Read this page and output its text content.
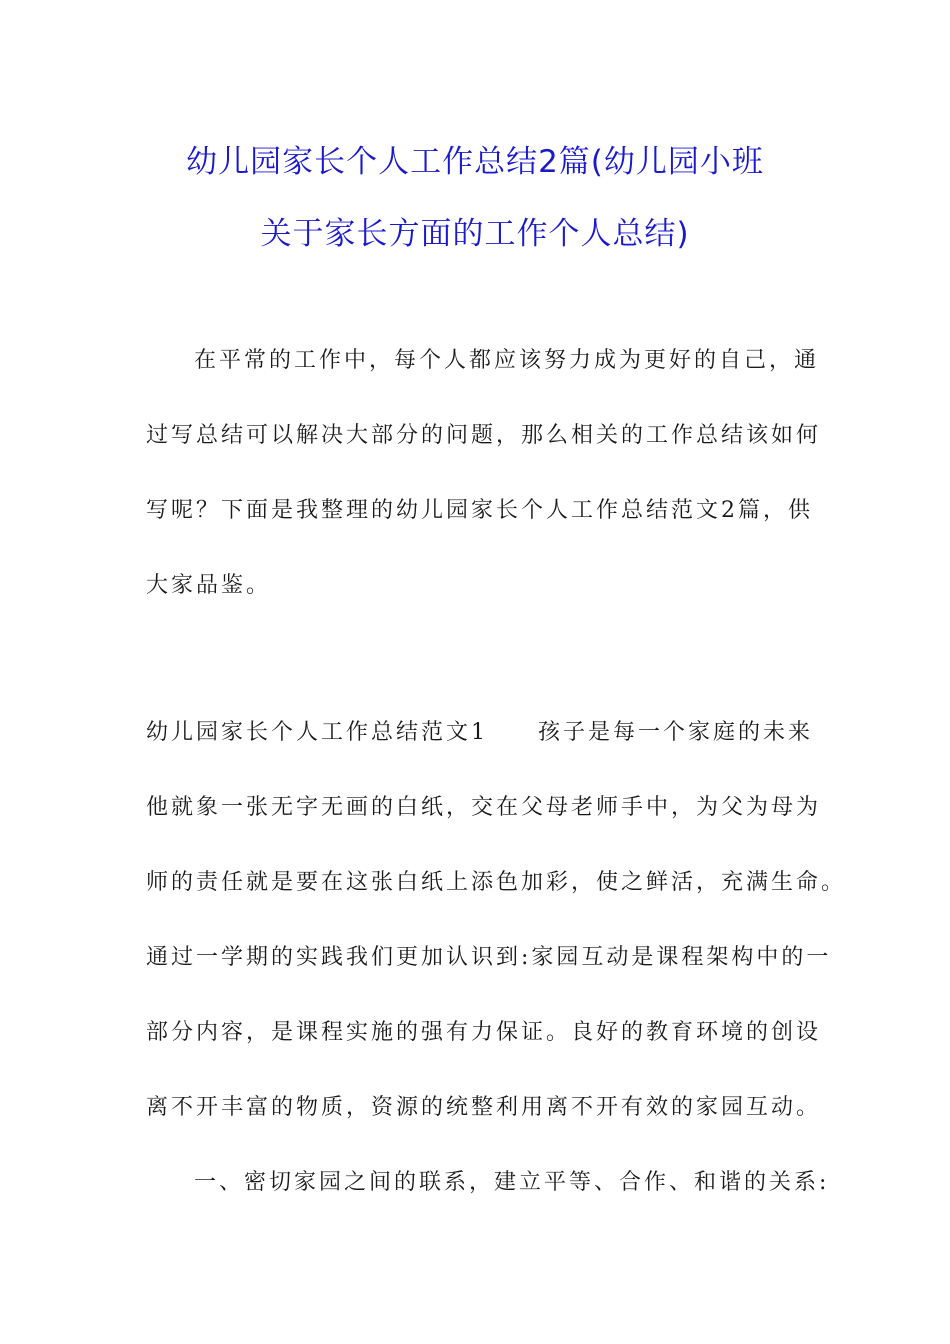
幼儿园家长个人工作总结2篇(幼儿园小班
关于家长方面的工作个人总结)
在平常的工作中，每个人都应该努力成为更好的自己，通
过写总结可以解决大部分的问题，那么相关的工作总结该如何
写呢？下面是我整理的幼儿园家长个人工作总结范文2篇，供
大家品鉴。
幼儿园家长个人工作总结范文1　　孩子是每一个家庭的未来
他就象一张无字无画的白纸，交在父母老师手中，为父为母为
师的责任就是要在这张白纸上添色加彩，使之鲜活，充满生命。
通过一学期的实践我们更加认识到:家园互动是课程架构中的一
部分内容，是课程实施的强有力保证。良好的教育环境的创设
离不开丰富的物质，资源的统整利用离不开有效的家园互动。
一、密切家园之间的联系，建立平等、合作、和谐的关系:
